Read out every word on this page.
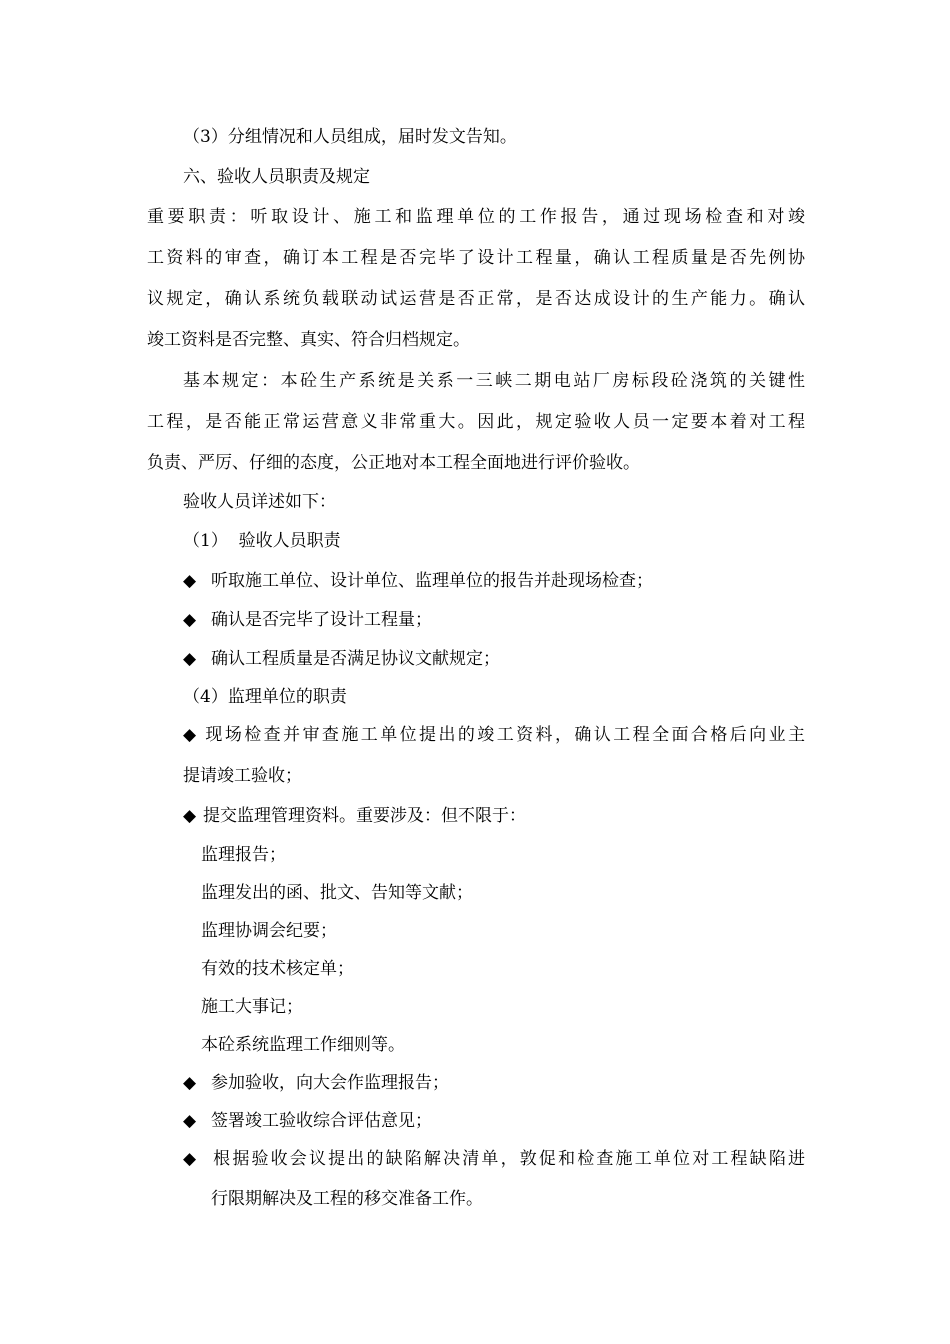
（3）分组情况和人员组成，届时发文告知。
六、验收人员职责及规定
重要职责：听取设计、施工和监理单位的工作报告，通过现场检查和对竣
工资料的审查，确订本工程是否完毕了设计工程量，确认工程质量是否先例协
议规定，确认系统负载联动试运营是否正常，是否达成设计的生产能力。确认
竣工资料是否完整、真实、符合归档规定。
基本规定：本砼生产系统是关系一三峡二期电站厂房标段砼浇筑的关键性
工程，是否能正常运营意义非常重大。因此，规定验收人员一定要本着对工程
负责、严厉、仔细的态度，公正地对本工程全面地进行评价验收。
验收人员详述如下：
（1）  验收人员职责
◆ 听取施工单位、设计单位、监理单位的报告并赴现场检查；
◆ 确认是否完毕了设计工程量；
◆ 确认工程质量是否满足协议文献规定；
（4）监理单位的职责
◆ 现场检查并审查施工单位提出的竣工资料，确认工程全面合格后向业主
提请竣工验收；
◆ 提交监理管理资料。重要涉及：但不限于：
监理报告；
监理发出的函、批文、告知等文献；
监理协调会纪要；
有效的技术核定单；
施工大事记；
本砼系统监理工作细则等。
◆ 参加验收，向大会作监理报告；
◆ 签署竣工验收综合评估意见；
◆ 根据验收会议提出的缺陷解决清单，敦促和检查施工单位对工程缺陷进
行限期解决及工程的移交准备工作。
